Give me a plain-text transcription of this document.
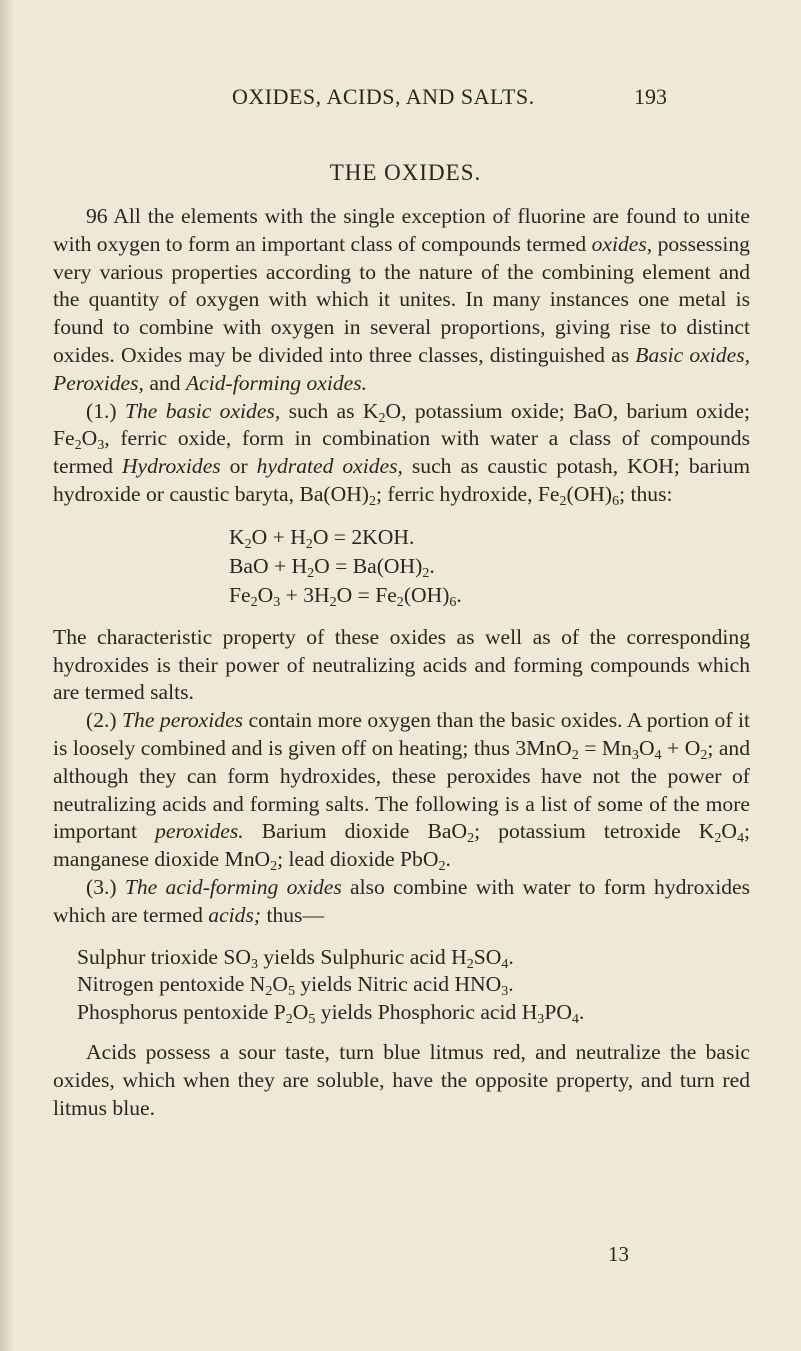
OXIDES, ACIDS, AND SALTS.	193
THE OXIDES.

96 All the elements with the single exception of fluorine are found to unite with oxygen to form an important class of compounds termed oxides, possessing very various properties according to the nature of the combining element and the quantity of oxygen with which it unites. In many instances one metal is found to combine with oxygen in several proportions, giving rise to distinct oxides. Oxides may be divided into three classes, distinguished as Basic oxides, Peroxides, and Acid-forming oxides.

(1.) The basic oxides, such as $K_2O$, potassium oxide; BaO, barium oxide; $Fe_2O_3$, ferric oxide, form in combination with water a class of compounds termed Hydroxides or hydrated oxides, such as caustic potash, KOH; barium hydroxide or caustic baryta, $Ba(OH)_2$; ferric hydroxide, $Fe_2(OH)_6$; thus:

$K_2O + H_2O = 2KOH$.
BaO + $H_2O = Ba(OH)_2$.
$Fe_2O_3 + 3H_2O = Fe_2(OH)_6$.

The characteristic property of these oxides as well as of the corresponding hydroxides is their power of neutralizing acids and forming compounds which are termed salts.

(2.) The peroxides contain more oxygen than the basic oxides. A portion of it is loosely combined and is given off on heating; thus $3MnO_2 = Mn_3O_4 + O_2$; and although they can form hydroxides, these peroxides have not the power of neutralizing acids and forming salts. The following is a list of some of the more important peroxides. Barium dioxide BaO$_2$; potassium tetroxide $K_2O_4$; manganese dioxide MnO$_2$; lead dioxide PbO$_2$.

(3.) The acid-forming oxides also combine with water to form hydroxides which are termed acids; thus—

Sulphur trioxide $SO_3$ yields Sulphuric acid $H_2SO_4$.
Nitrogen pentoxide $N_2O_5$ yields Nitric acid $HNO_3$.
Phosphorus pentoxide $P_2O_5$ yields Phosphoric acid $H_3PO_4$.

Acids possess a sour taste, turn blue litmus red, and neutralize the basic oxides, which when they are soluble, have the opposite property, and turn red litmus blue.

13
